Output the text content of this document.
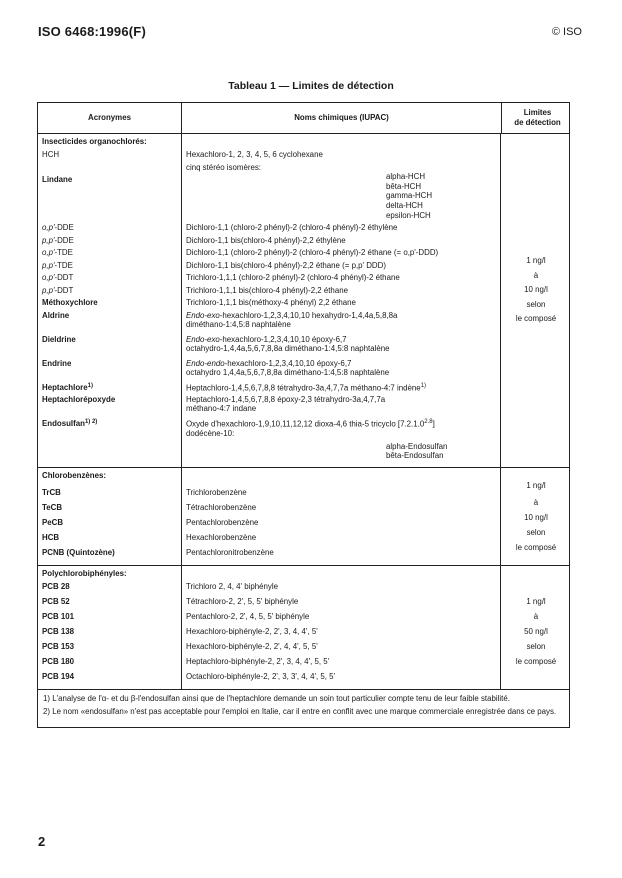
ISO 6468:1996(F)	© ISO
Tableau 1 — Limites de détection
Acronymes	Noms chimiques (IUPAC)
Limites
de détection
Insecticides organochlorés:
HCH
Lindane
o,p'-DDE
p,p'-DDE
o,p'-TDE
p,p'-TDE
o,p'-DDT
p,p'-DDT
Méthoxychlore
Aldrine
Dieldrine
Endrine
Heptachlore 1)
Heptachlorépoxyde
Endosulfan 1) 2)
Hexachloro-1, 2, 3, 4, 5, 6 cyclohexane
cinq stéréo isomères:
alpha-HCH
bêta-HCH
gamma-HCH
delta-HCH
epsilon-HCH
Dichloro-1,1 (chloro-2 phényl)-2 (chloro-4 phényl)-2 éthylène
Dichloro-1,1 bis(chloro-4 phényl)-2,2 éthylène
Dichloro-1,1 (chloro-2 phényl)-2 (chloro-4 phényl)-2 éthane (= o,p'-DDD)
Dichloro-1,1 bis(chloro-4 phényl)-2,2 éthane (= p,p' DDD)
Trichloro-1,1,1 (chloro-2 phényl)-2 (chloro-4 phényl)-2 éthane
Trichloro-1,1,1 bis(chloro-4 phényl)-2,2 éthane
Trichloro-1,1,1 bis(méthoxy-4 phényl) 2,2 éthane
Endo-exo-hexachloro-1,2,3,4,10,10 hexahydro-1,4,4a,5,8,8a
diméthano-1:4,5:8 naphtalène
Endo-exo-hexachloro-1,2,3,4,10,10 époxy-6,7
octahydro-1,4,4a,5,6,7,8,8a diméthano-1:4,5:8 naphtalène
Endo-endo-hexachloro-1,2,3,4,10,10 époxy-6,7
octahydro 1,4,4a,5,6,7,8,8a diméthano-1:4,5:8 naphtalène
Heptachloro-1,4,5,6,7,8,8 tétrahydro-3a,4,7,7a méthano-4:7 indène$^{1)}$
Heptachloro-1,4,5,6,7,8,8 époxy-2,3 tétrahydro-3a,4,7,7a
méthano-4:7 indane
Oxyde d'hexachloro-1,9,10,11,12,12 dioxa-4,6 thia-5 tricyclo $[7.2.1.0^{2.8}]$
dodécène-10:
alpha-Endosulfan
bêta-Endosulfan
1 ng/l
à
10 ng/l
selon
le composé
Chlorobenzènes:
TrCB
TeCB
PeCB
HCB
PCNB (Quintozène)
Trichlorobenzène
Tétrachlorobenzène
Pentachlorobenzène
Hexachlorobenzène
Pentachloronitrobenzène
1 ng/l
à
10 ng/l
selon
le composé
Polychlorobiphényles:
PCB 28
PCB 52
PCB 101
PCB 138
PCB 153
PCB 180
PCB 194
Trichloro 2, 4, 4' biphényle
Tétrachloro-2, 2', 5, 5' biphényle
Pentachloro-2, 2', 4, 5, 5' biphényle
Hexachloro-biphényle-2, 2', 3, 4, 4', 5'
Hexachloro-biphényle-2, 2', 4, 4', 5, 5'
Heptachloro-biphényle-2, 2', 3, 4, 4', 5, 5'
Octachloro-biphényle-2, 2', 3, 3', 4, 4', 5, 5'
1 ng/l
à
50 ng/l
selon
le composé

1) L'analyse de l'α- et du β-l'endosulfan ainsi que de l'heptachlore demande un soin tout particulier compte tenu de leur faible stabilité.

2) Le nom «endosulfan» n'est pas acceptable pour l'emploi en Italie, car il entre en conflit avec une marque commerciale enregistrée dans ce pays.

2
